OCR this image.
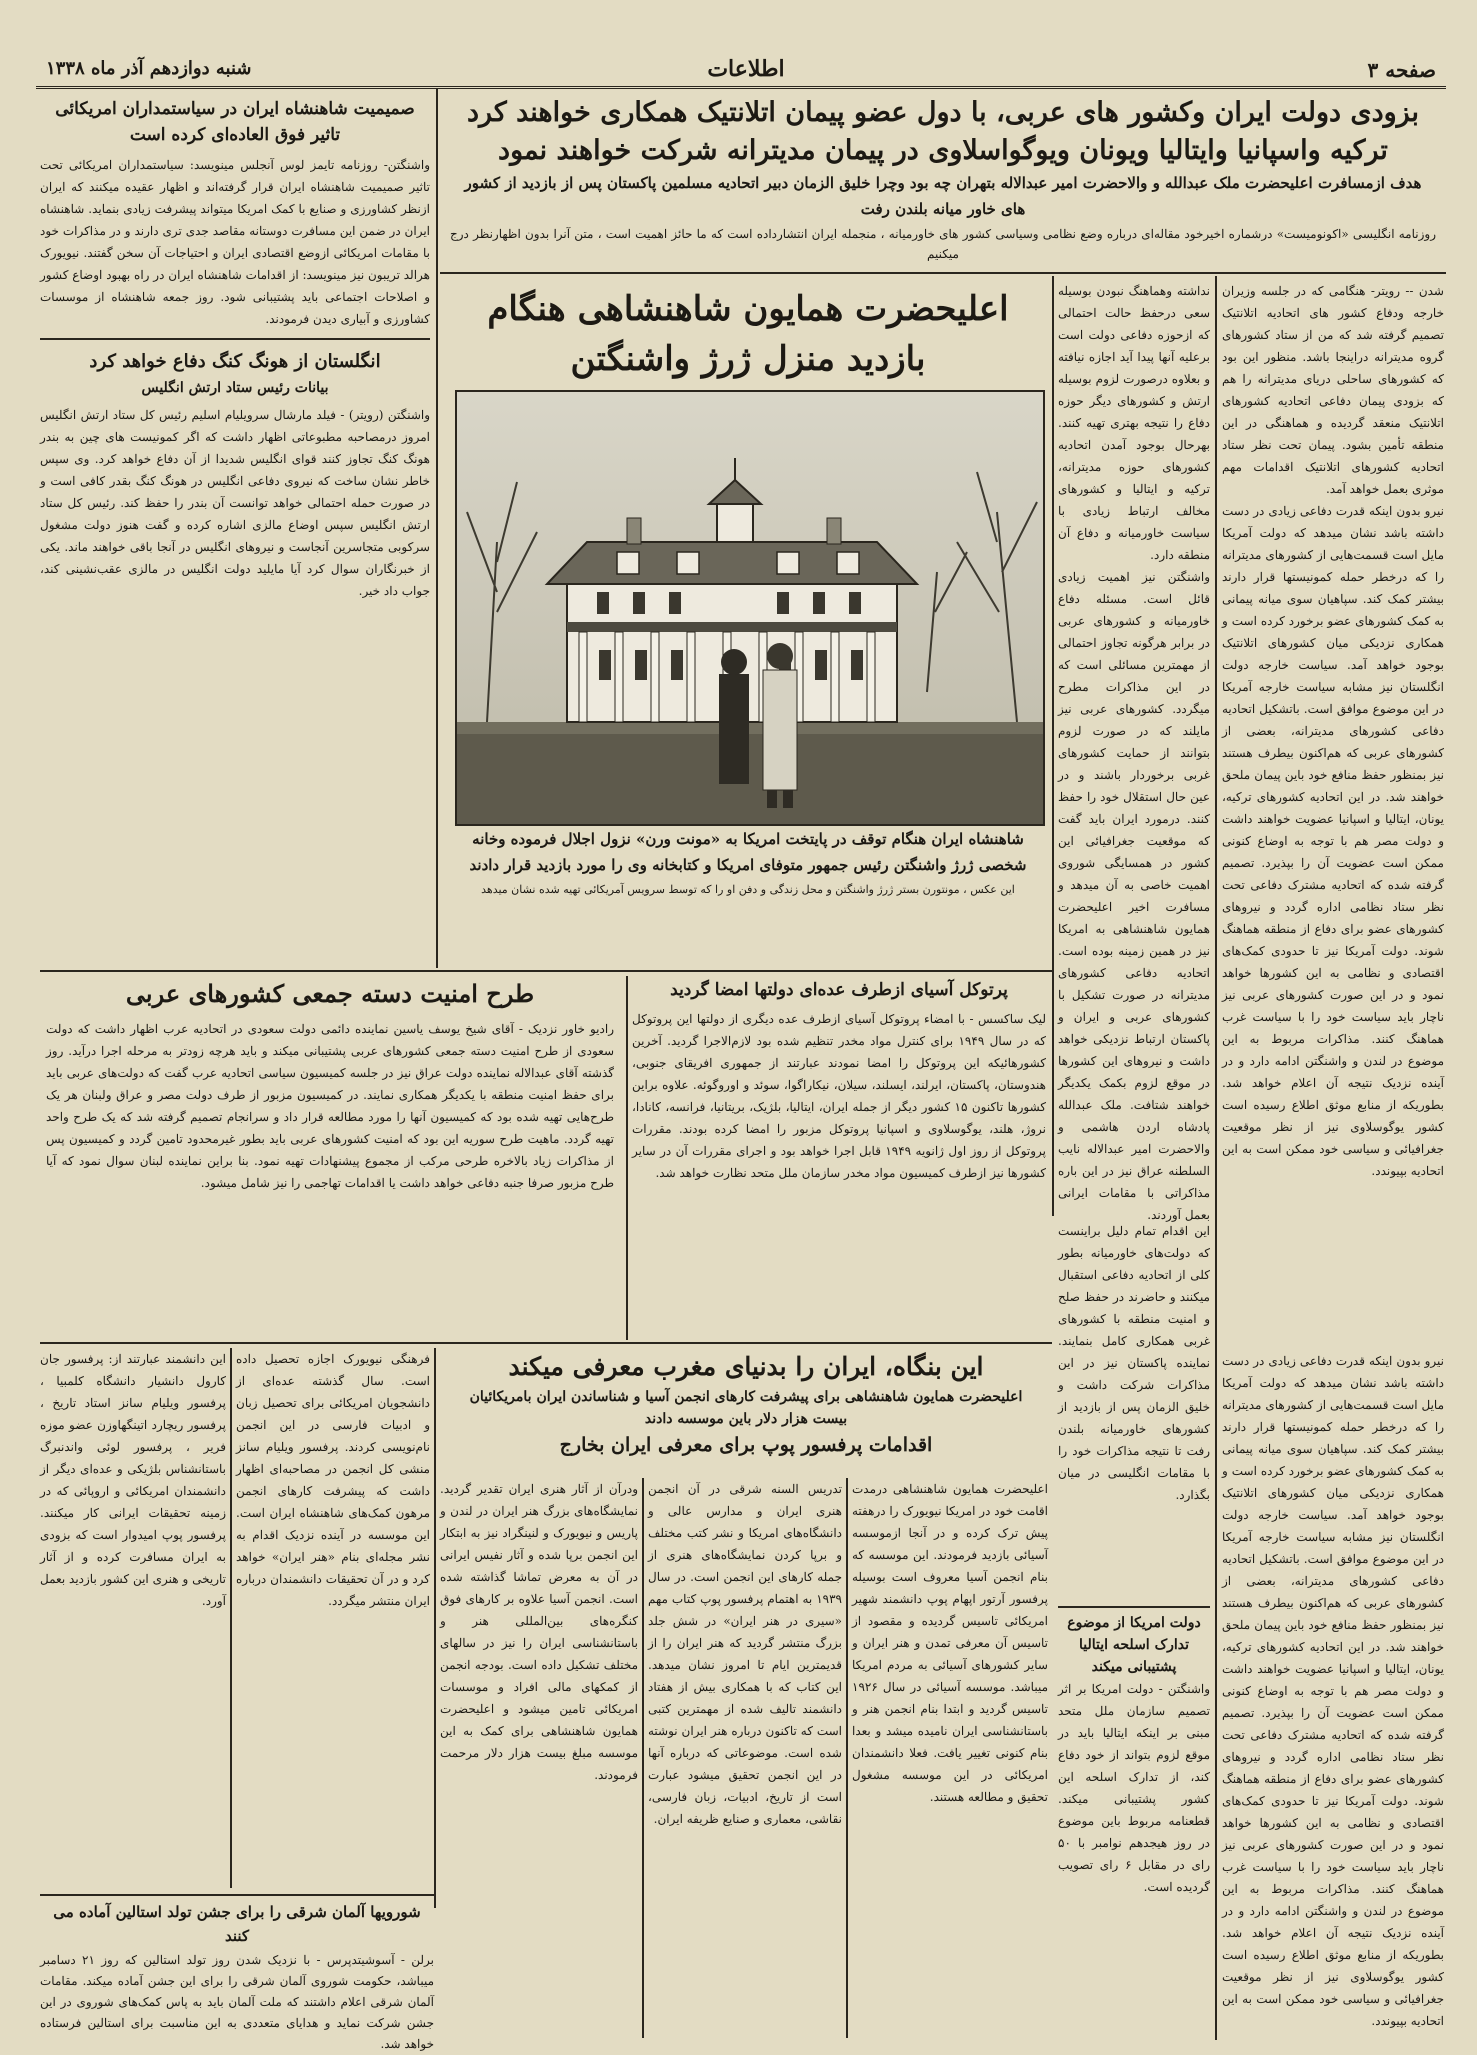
صفحه ۳
اطلاعات
شنبه دوازدهم آذر ماه ۱۳۳۸

بزودی دولت ایران وکشور های عربی، با دول عضو پیمان اتلانتیک همکاری خواهند کرد

ترکیه واسپانیا وایتالیا ویونان ویوگواسلاوی در پیمان مدیترانه شرکت خواهند نمود

هدف ازمسافرت اعلیحضرت ملک عبدالله و والاحضرت امیر عبدالاله بتهران چه بود وچرا خلیق الزمان دبیر اتحادیه مسلمین پاکستان پس از بازدید از کشور های خاور میانه بلندن رفت

روزنامه انگلیسی «اکونومیست» درشماره اخیرخود مقاله‌ای درباره وضع نظامی وسیاسی کشور های خاورمیانه ، منجمله ایران انتشارداده است که ما حائز اهمیت است ، متن آنرا بدون اظهارنظر درج میکنیم

صمیمیت شاهنشاه ایران در سیاستمداران امریکائی تاثیر فوق العاده‌ای کرده است

واشنگتن- روزنامه تایمز لوس آنجلس مینویسد: سیاستمداران امریکائی تحت تاثیر صمیمیت شاهنشاه ایران قرار گرفته‌اند و اظهار عقیده میکنند که ایران ازنظر کشاورزی و صنایع با کمک امریکا میتواند پیشرفت زیادی بنماید. شاهنشاه ایران در ضمن این مسافرت دوستانه مقاصد جدی تری دارند و در مذاکرات خود با مقامات امریکائی ازوضع اقتصادی ایران و احتیاجات آن سخن گفتند. نیویورک هرالد تریبون نیز مینویسد: از اقدامات شاهنشاه ایران در راه بهبود اوضاع کشور و اصلاحات اجتماعی باید پشتیبانی شود. روز جمعه شاهنشاه از موسسات کشاورزی و آبیاری دیدن فرمودند.

انگلستان از هونگ کنگ دفاع خواهد کرد

بیانات رئیس ستاد ارتش انگلیس

واشنگتن (رویتر) - فیلد مارشال سرویلیام اسلیم رئیس کل ستاد ارتش انگلیس امروز درمصاحبه مطبوعاتی اظهار داشت که اگر کمونیست های چین به بندر هونگ کنگ تجاوز کنند قوای انگلیس شدیدا از آن دفاع خواهد کرد. وی سپس خاطر نشان ساخت که نیروی دفاعی انگلیس در هونگ کنگ بقدر کافی است و در صورت حمله احتمالی خواهد توانست آن بندر را حفظ کند. رئیس کل ستاد ارتش انگلیس سپس اوضاع مالزی اشاره کرده و گفت هنوز دولت مشغول سرکوبی متجاسرین آنجاست و نیروهای انگلیس در آنجا باقی خواهند ماند. یکی از خبرنگاران سوال کرد آیا مایلید دولت انگلیس در مالزی عقب‌نشینی کند، جواب داد خیر.

شدن -- رویتر- هنگامی که در جلسه وزیران خارجه ودفاع کشور های اتحادیه اتلانتیک تصمیم گرفته شد که من از ستاد کشورهای گروه مدیترانه دراینجا باشد. منظور این بود که کشورهای ساحلی دریای مدیترانه را هم که بزودی پیمان دفاعی اتحادیه کشورهای اتلانتیک منعقد گردیده و هماهنگی در این منطقه تأمین بشود. پیمان تحت نظر ستاد اتحادیه کشورهای اتلانتیک اقدامات مهم موثری بعمل خواهد آمد.

نیرو بدون اینکه قدرت دفاعی زیادی در دست داشته باشد نشان میدهد که دولت آمریکا مایل است قسمت‌هایی از کشورهای مدیترانه را که درخطر حمله کمونیستها قرار دارند بیشتر کمک کند. سپاهیان سوی میانه پیمانی به کمک کشورهای عضو برخورد کرده است و همکاری نزدیکی میان کشورهای اتلانتیک بوجود خواهد آمد. سیاست خارجه دولت انگلستان نیز مشابه سیاست خارجه آمریکا در این موضوع موافق است. باتشکیل اتحادیه دفاعی کشورهای مدیترانه، بعضی از کشورهای عربی که هم‌اکنون بیطرف هستند نیز بمنظور حفظ منافع خود باین پیمان ملحق خواهند شد. در این اتحادیه کشورهای ترکیه، یونان، ایتالیا و اسپانیا عضویت خواهند داشت و دولت مصر هم با توجه به اوضاع کنونی ممکن است عضویت آن را بپذیرد. تصمیم گرفته شده که اتحادیه مشترک دفاعی تحت نظر ستاد نظامی اداره گردد و نیروهای کشورهای عضو برای دفاع از منطقه هماهنگ شوند. دولت آمریکا نیز تا حدودی کمک‌های اقتصادی و نظامی به این کشورها خواهد نمود و در این صورت کشورهای عربی نیز ناچار باید سیاست خود را با سیاست غرب هماهنگ کنند. مذاکرات مربوط به این موضوع در لندن و واشنگتن ادامه دارد و در آینده نزدیک نتیجه آن اعلام خواهد شد. بطوریکه از منابع موثق اطلاع رسیده است کشور یوگوسلاوی نیز از نظر موقعیت جغرافیائی و سیاسی خود ممکن است به این اتحادیه بپیوندد.

نیرو بدون اینکه قدرت دفاعی زیادی در دست داشته باشد نشان میدهد که دولت آمریکا مایل است قسمت‌هایی از کشورهای مدیترانه را که درخطر حمله کمونیستها قرار دارند بیشتر کمک کند. سپاهیان سوی میانه پیمانی به کمک کشورهای عضو برخورد کرده است و همکاری نزدیکی میان کشورهای اتلانتیک بوجود خواهد آمد. سیاست خارجه دولت انگلستان نیز مشابه سیاست خارجه آمریکا در این موضوع موافق است. باتشکیل اتحادیه دفاعی کشورهای مدیترانه، بعضی از کشورهای عربی که هم‌اکنون بیطرف هستند نیز بمنظور حفظ منافع خود باین پیمان ملحق خواهند شد. در این اتحادیه کشورهای ترکیه، یونان، ایتالیا و اسپانیا عضویت خواهند داشت و دولت مصر هم با توجه به اوضاع کنونی ممکن است عضویت آن را بپذیرد. تصمیم گرفته شده که اتحادیه مشترک دفاعی تحت نظر ستاد نظامی اداره گردد و نیروهای کشورهای عضو برای دفاع از منطقه هماهنگ شوند. دولت آمریکا نیز تا حدودی کمک‌های اقتصادی و نظامی به این کشورها خواهد نمود و در این صورت کشورهای عربی نیز ناچار باید سیاست خود را با سیاست غرب هماهنگ کنند. مذاکرات مربوط به این موضوع در لندن و واشنگتن ادامه دارد و در آینده نزدیک نتیجه آن اعلام خواهد شد. بطوریکه از منابع موثق اطلاع رسیده است کشور یوگوسلاوی نیز از نظر موقعیت جغرافیائی و سیاسی خود ممکن است به این اتحادیه بپیوندد.

نداشته وهماهنگ نبودن بوسیله سعی درحفظ حالت احتمالی که ازحوزه دفاعی دولت است برعلیه آنها پیدا آید اجازه نیافته و بعلاوه درصورت لزوم بوسیله ارتش و کشورهای دیگر حوزه دفاع را نتیجه بهتری تهیه کنند. بهرحال بوجود آمدن اتحادیه کشورهای حوزه مدیترانه، ترکیه و ایتالیا و کشورهای مخالف ارتباط زیادی با سیاست خاورمیانه و دفاع آن منطقه دارد.

واشنگتن نیز اهمیت زیادی قائل است. مسئله دفاع خاورمیانه و کشورهای عربی در برابر هرگونه تجاوز احتمالی از مهمترین مسائلی است که در این مذاکرات مطرح میگردد. کشورهای عربی نیز مایلند که در صورت لزوم بتوانند از حمایت کشورهای غربی برخوردار باشند و در عین حال استقلال خود را حفظ کنند. درمورد ایران باید گفت که موقعیت جغرافیائی این کشور در همسایگی شوروی اهمیت خاصی به آن میدهد و مسافرت اخیر اعلیحضرت همایون شاهنشاهی به امریکا نیز در همین زمینه بوده است. اتحادیه دفاعی کشورهای مدیترانه در صورت تشکیل با کشورهای عربی و ایران و پاکستان ارتباط نزدیکی خواهد داشت و نیروهای این کشورها در موقع لزوم بکمک یکدیگر خواهند شتافت. ملک عبدالله پادشاه اردن هاشمی و والاحضرت امیر عبدالاله نایب السلطنه عراق نیز در این باره مذاکراتی با مقامات ایرانی بعمل آوردند.

این اقدام تمام دلیل براینست که دولت‌های خاورمیانه بطور کلی از اتحادیه دفاعی استقبال میکنند و حاضرند در حفظ صلح و امنیت منطقه با کشورهای غربی همکاری کامل بنمایند. نماینده پاکستان نیز در این مذاکرات شرکت داشت و خلیق الزمان پس از بازدید از کشورهای خاورمیانه بلندن رفت تا نتیجه مذاکرات خود را با مقامات انگلیسی در میان بگذارد.

اعلیحضرت همایون شاهنشاهی هنگام بازدید منزل ژرژ واشنگتن

شاهنشاه ایران هنگام توقف در پایتخت امریکا به «مونت ورن» نزول اجلال فرموده وخانه شخصی ژرژ واشنگتن رئیس جمهور متوفای امریکا و کتابخانه وی را مورد بازدید قرار دادند

این عکس ، مونتورن بستر ژرژ واشنگتن و محل زندگی و دفن او را که توسط سرویس آمریکائی تهیه شده نشان میدهد

طرح امنیت دسته جمعی کشورهای عربی

رادیو خاور نزدیک - آقای شیخ یوسف یاسین نماینده دائمی دولت سعودی در اتحادیه عرب اظهار داشت که دولت سعودی از طرح امنیت دسته جمعی کشورهای عربی پشتیبانی میکند و باید هرچه زودتر به مرحله اجرا درآید. روز گذشته آقای عبدالاله نماینده دولت عراق نیز در جلسه کمیسیون سیاسی اتحادیه عرب گفت که دولت‌های عربی باید برای حفظ امنیت منطقه با یکدیگر همکاری نمایند. در کمیسیون مزبور از طرف دولت مصر و عراق ولبنان هر یک طرح‌هایی تهیه شده بود که کمیسیون آنها را مورد مطالعه قرار داد و سرانجام تصمیم گرفته شد که یک طرح واحد تهیه گردد. ماهیت طرح سوریه این بود که امنیت کشورهای عربی باید بطور غیرمحدود تامین گردد و کمیسیون پس از مذاکرات زیاد بالاخره طرحی مرکب از مجموع پیشنهادات تهیه نمود. بنا براین نماینده لبنان سوال نمود که آیا طرح مزبور صرفا جنبه دفاعی خواهد داشت یا اقدامات تهاجمی را نیز شامل میشود.

پرتوکل آسیای ازطرف عده‌ای دولتها امضا گردید

لیک ساکسس - با امضاء پروتوکل آسیای ازطرف عده دیگری از دولتها این پروتوکل که در سال ۱۹۴۹ برای کنترل مواد مخدر تنظیم شده بود لازم‌الاجرا گردید. آخرین کشورهائیکه این پروتوکل را امضا نمودند عبارتند از جمهوری افریقای جنوبی، هندوستان، پاکستان، ایرلند، ایسلند، سیلان، نیکاراگوا، سوئد و اوروگوئه. علاوه براین کشورها تاکنون ۱۵ کشور دیگر از جمله ایران، ایتالیا، بلژیک، بریتانیا، فرانسه، کانادا، نروژ، هلند، یوگوسلاوی و اسپانیا پروتوکل مزبور را امضا کرده بودند. مقررات پروتوکل از روز اول ژانویه ۱۹۴۹ قابل اجرا خواهد بود و اجرای مقررات آن در سایر کشورها نیز ازطرف کمیسیون مواد مخدر سازمان ملل متحد نظارت خواهد شد.

این بنگاه، ایران را بدنیای مغرب معرفی میکند

اعلیحضرت همایون شاهنشاهی برای پیشرفت کارهای انجمن آسیا و شناساندن ایران بامریکائیان بیست هزار دلار باین موسسه دادند

اقدامات پرفسور پوپ برای معرفی ایران بخارج

اعلیحضرت همایون شاهنشاهی درمدت اقامت خود در امریکا نیویورک را درهفته پیش ترک کرده و در آنجا ازموسسه آسیائی بازدید فرمودند. این موسسه که بنام انجمن آسیا معروف است بوسیله پرفسور آرتور اپهام پوپ دانشمند شهیر امریکائی تاسیس گردیده و مقصود از تاسیس آن معرفی تمدن و هنر ایران و سایر کشورهای آسیائی به مردم امریکا میباشد. موسسه آسیائی در سال ۱۹۲۶ تاسیس گردید و ابتدا بنام انجمن هنر و باستانشناسی ایران نامیده میشد و بعدا بنام کنونی تغییر یافت. فعلا دانشمندان امریکائی در این موسسه مشغول تحقیق و مطالعه هستند.

تدریس السنه شرقی در آن انجمن هنری ایران و مدارس عالی و دانشگاه‌های امریکا و نشر کتب مختلف و برپا کردن نمایشگاه‌های هنری از جمله کارهای این انجمن است. در سال ۱۹۳۹ به اهتمام پرفسور پوپ کتاب مهم «سیری در هنر ایران» در شش جلد بزرگ منتشر گردید که هنر ایران را از قدیمترین ایام تا امروز نشان میدهد. این کتاب که با همکاری بیش از هفتاد دانشمند تالیف شده از مهمترین کتبی است که تاکنون درباره هنر ایران نوشته شده است. موضوعاتی که درباره آنها در این انجمن تحقیق میشود عبارت است از تاریخ، ادبیات، زبان فارسی، نقاشی، معماری و صنایع ظریفه ایران.

ودرآن از آثار هنری ایران تقدیر گردید. نمایشگاه‌های بزرگ هنر ایران در لندن و پاریس و نیویورک و لنینگراد نیز به ابتکار این انجمن برپا شده و آثار نفیس ایرانی در آن به معرض تماشا گذاشته شده است. انجمن آسیا علاوه بر کارهای فوق کنگره‌های بین‌المللی هنر و باستانشناسی ایران را نیز در سالهای مختلف تشکیل داده است. بودجه انجمن از کمکهای مالی افراد و موسسات امریکائی تامین میشود و اعلیحضرت همایون شاهنشاهی برای کمک به این موسسه مبلغ بیست هزار دلار مرحمت فرمودند.

فرهنگی نیویورک اجازه تحصیل داده است. سال گذشته عده‌ای از دانشجویان امریکائی برای تحصیل زبان و ادبیات فارسی در این انجمن نام‌نویسی کردند. پرفسور ویلیام سانز منشی کل انجمن در مصاحبه‌ای اظهار داشت که پیشرفت کارهای انجمن مرهون کمک‌های شاهنشاه ایران است. این موسسه در آینده نزدیک اقدام به نشر مجله‌ای بنام «هنر ایران» خواهد کرد و در آن تحقیقات دانشمندان درباره ایران منتشر میگردد.

این دانشمند عبارتند از: پرفسور جان کارول دانشیار دانشگاه کلمبیا ، پرفسور ویلیام سانز استاد تاریخ ، پرفسور ریچارد اتینگهاوزن عضو موزه فریر ، پرفسور لوئی واندنبرگ باستانشناس بلژیکی و عده‌ای دیگر از دانشمندان امریکائی و اروپائی که در زمینه تحقیقات ایرانی کار میکنند. پرفسور پوپ امیدوار است که بزودی به ایران مسافرت کرده و از آثار تاریخی و هنری این کشور بازدید بعمل آورد.

شورویها آلمان شرقی را برای جشن تولد استالین آماده می کنند

برلن - آسوشیتدپرس - با نزدیک شدن روز تولد استالین که روز ۲۱ دسامبر میباشد، حکومت شوروی آلمان شرقی را برای این جشن آماده میکند. مقامات آلمان شرقی اعلام داشتند که ملت آلمان باید به پاس کمک‌های شوروی در این جشن شرکت نماید و هدایای متعددی به این مناسبت برای استالین فرستاده خواهد شد.

دولت امریکا از موضوع تدارک اسلحه ایتالیا پشتیبانی میکند

واشنگتن - دولت امریکا بر اثر تصمیم سازمان ملل متحد مبنی بر اینکه ایتالیا باید در موقع لزوم بتواند از خود دفاع کند، از تدارک اسلحه این کشور پشتیبانی میکند. قطعنامه مربوط باین موضوع در روز هیجدهم نوامبر با ۵۰ رای در مقابل ۶ رای تصویب گردیده است.
